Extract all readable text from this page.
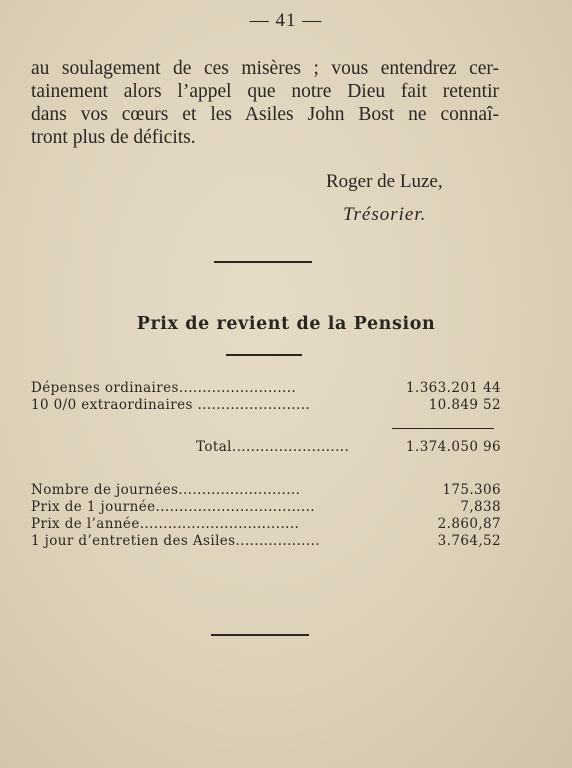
— 41 —
au soulagement de ces misères ; vous entendrez cer-
tainement alors l’appel que notre Dieu fait retentir
dans vos cœurs et les Asiles John Bost ne connaî-
tront plus de déficits.
Roger de Luze,
Trésorier.
Prix de revient de la Pension
Dépenses ordinaires.........................	1.363.201 44
10 0/0 extraordinaires ........................	10.849 52
Total.........................	1.374.050 96
Nombre de journées..........................	175.306
Prix de 1 journée..................................	7,838
Prix de l’année..................................	2.860,87
1 jour d’entretien des Asiles..................	3.764,52
